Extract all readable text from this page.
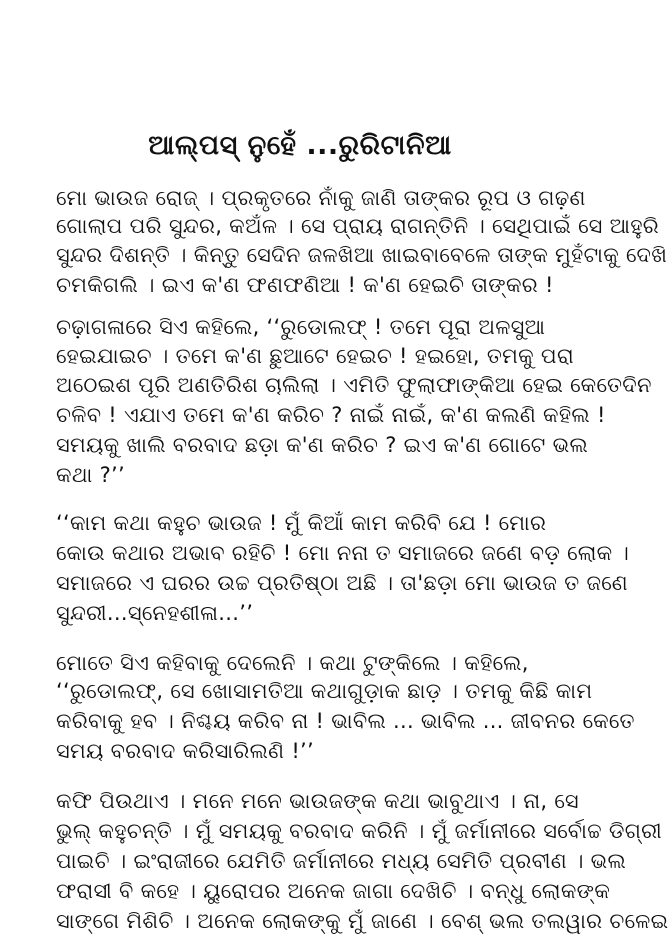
ଆଲ୍‌ପସ୍ ନୁହେଁ ...ରୁରିଟାନିଆ
ମୋ ଭାଉଜ ରୋଜ୍ । ପ୍ରକୃତରେ ନାଁକୁ ଜାଣି ତାଙ୍କର ରୂପ ଓ ଗଢ଼ଣ
ଗୋଲାପ ପରି ସୁନ୍ଦର, କଅଁଳ । ସେ ପ୍ରାୟ ରାଗନ୍ତିନି । ସେଥିପାଇଁ ସେ ଆହୁରି
ସୁନ୍ଦର ଦିଶନ୍ତି । କିନ୍ତୁ ସେଦିନ ଜଳଖିଆ ଖାଇବାବେଳେ ତାଙ୍କ ମୁହଁଟାକୁ ଦେଖି
ଚମକିଗଲି । ଇଏ କ'ଣ ଫଣଫଣିଆ ! କ'ଣ ହେଇଚି ତାଙ୍କର !
ଚଢ଼ାଗଳାରେ ସିଏ କହିଲେ, ‘‘ରୁଡୋଲଫ୍ ! ତମେ ପୂରା ଅଳସୁଆ
ହେଇଯାଇଚ । ତମେ କ'ଣ ଛୁଆଟେ ହେଇଚ ! ହଇହୋ, ତମକୁ ପରା
ଅଠେଇଶ ପୂରି ଅଣତିରିଶ ଚାଲିଲା । ଏମିତି ଫୁଲାଫାଙ୍କିଆ ହେଇ କେତେଦିନ
ଚଳିବ ! ଏଯାଏ ତମେ କ'ଣ କରିଚ ? ନାଇଁ ନାଇଁ, କ'ଣ କଲଣି କହିଲ !
ସମୟକୁ ଖାଲି ବରବାଦ ଛଡ଼ା କ'ଣ କରିଚ ? ଇଏ କ'ଣ ଗୋଟେ ଭଲ
କଥା ?’’
‘‘କାମ କଥା କହୁଚ ଭାଉଜ ! ମୁଁ କିଆଁ କାମ କରିବି ଯେ ! ମୋର
କୋଉ କଥାର ଅଭାବ ରହିଚି ! ମୋ ନନା ତ ସମାଜରେ ଜଣେ ବଡ଼ ଲୋକ ।
ସମାଜରେ ଏ ଘରର ଉଚ୍ଚ ପ୍ରତିଷ୍ଠା ଅଛି । ତା'ଛଡ଼ା ମୋ ଭାଉଜ ତ ଜଣେ
ସୁନ୍ଦରୀ...ସ୍ନେହଶୀଳା...’’
ମୋତେ ସିଏ କହିବାକୁ ଦେଲେନି । କଥା ଟୁଙ୍କିଲେ । କହିଲେ,
‘‘ରୁଡୋଲଫ୍, ସେ ଖୋସାମତିଆ କଥାଗୁଡ଼ାକ ଛାଡ଼ । ତମକୁ କିଛି କାମ
କରିବାକୁ ହବ । ନିଶ୍ଚୟ କରିବ ନା ! ଭାବିଲ ... ଭାବିଲ ... ଜୀବନର କେତେ
ସମୟ ବରବାଦ କରିସାରିଲଣି !’’
କଫି ପିଉଥାଏ । ମନେ ମନେ ଭାଉଜଙ୍କ କଥା ଭାବୁଥାଏ । ନା, ସେ
ଭୁଲ୍ କହୁଚନ୍ତି । ମୁଁ ସମୟକୁ ବରବାଦ କରିନି । ମୁଁ ଜର୍ମାନୀରେ ସର୍ବୋଚ୍ଚ ଡିଗ୍ରୀ
ପାଇଚି । ଇଂରାଜୀରେ ଯେମିତି ଜର୍ମାନୀରେ ମଧ୍ୟ ସେମିତି ପ୍ରବୀଣ । ଭଲ
ଫରାସୀ ବି କହେ । ୟୁରୋପର ଅନେକ ଜାଗା ଦେଖିଚି । ବନ୍ଧୁ ଲୋକଙ୍କ
ସାଙ୍ଗେ ମିଶିଚି । ଅନେକ ଲୋକଙ୍କୁ ମୁଁ ଜାଣେ । ବେଶ୍ ଭଲ ତଲୱାର ଚଳେଇ
